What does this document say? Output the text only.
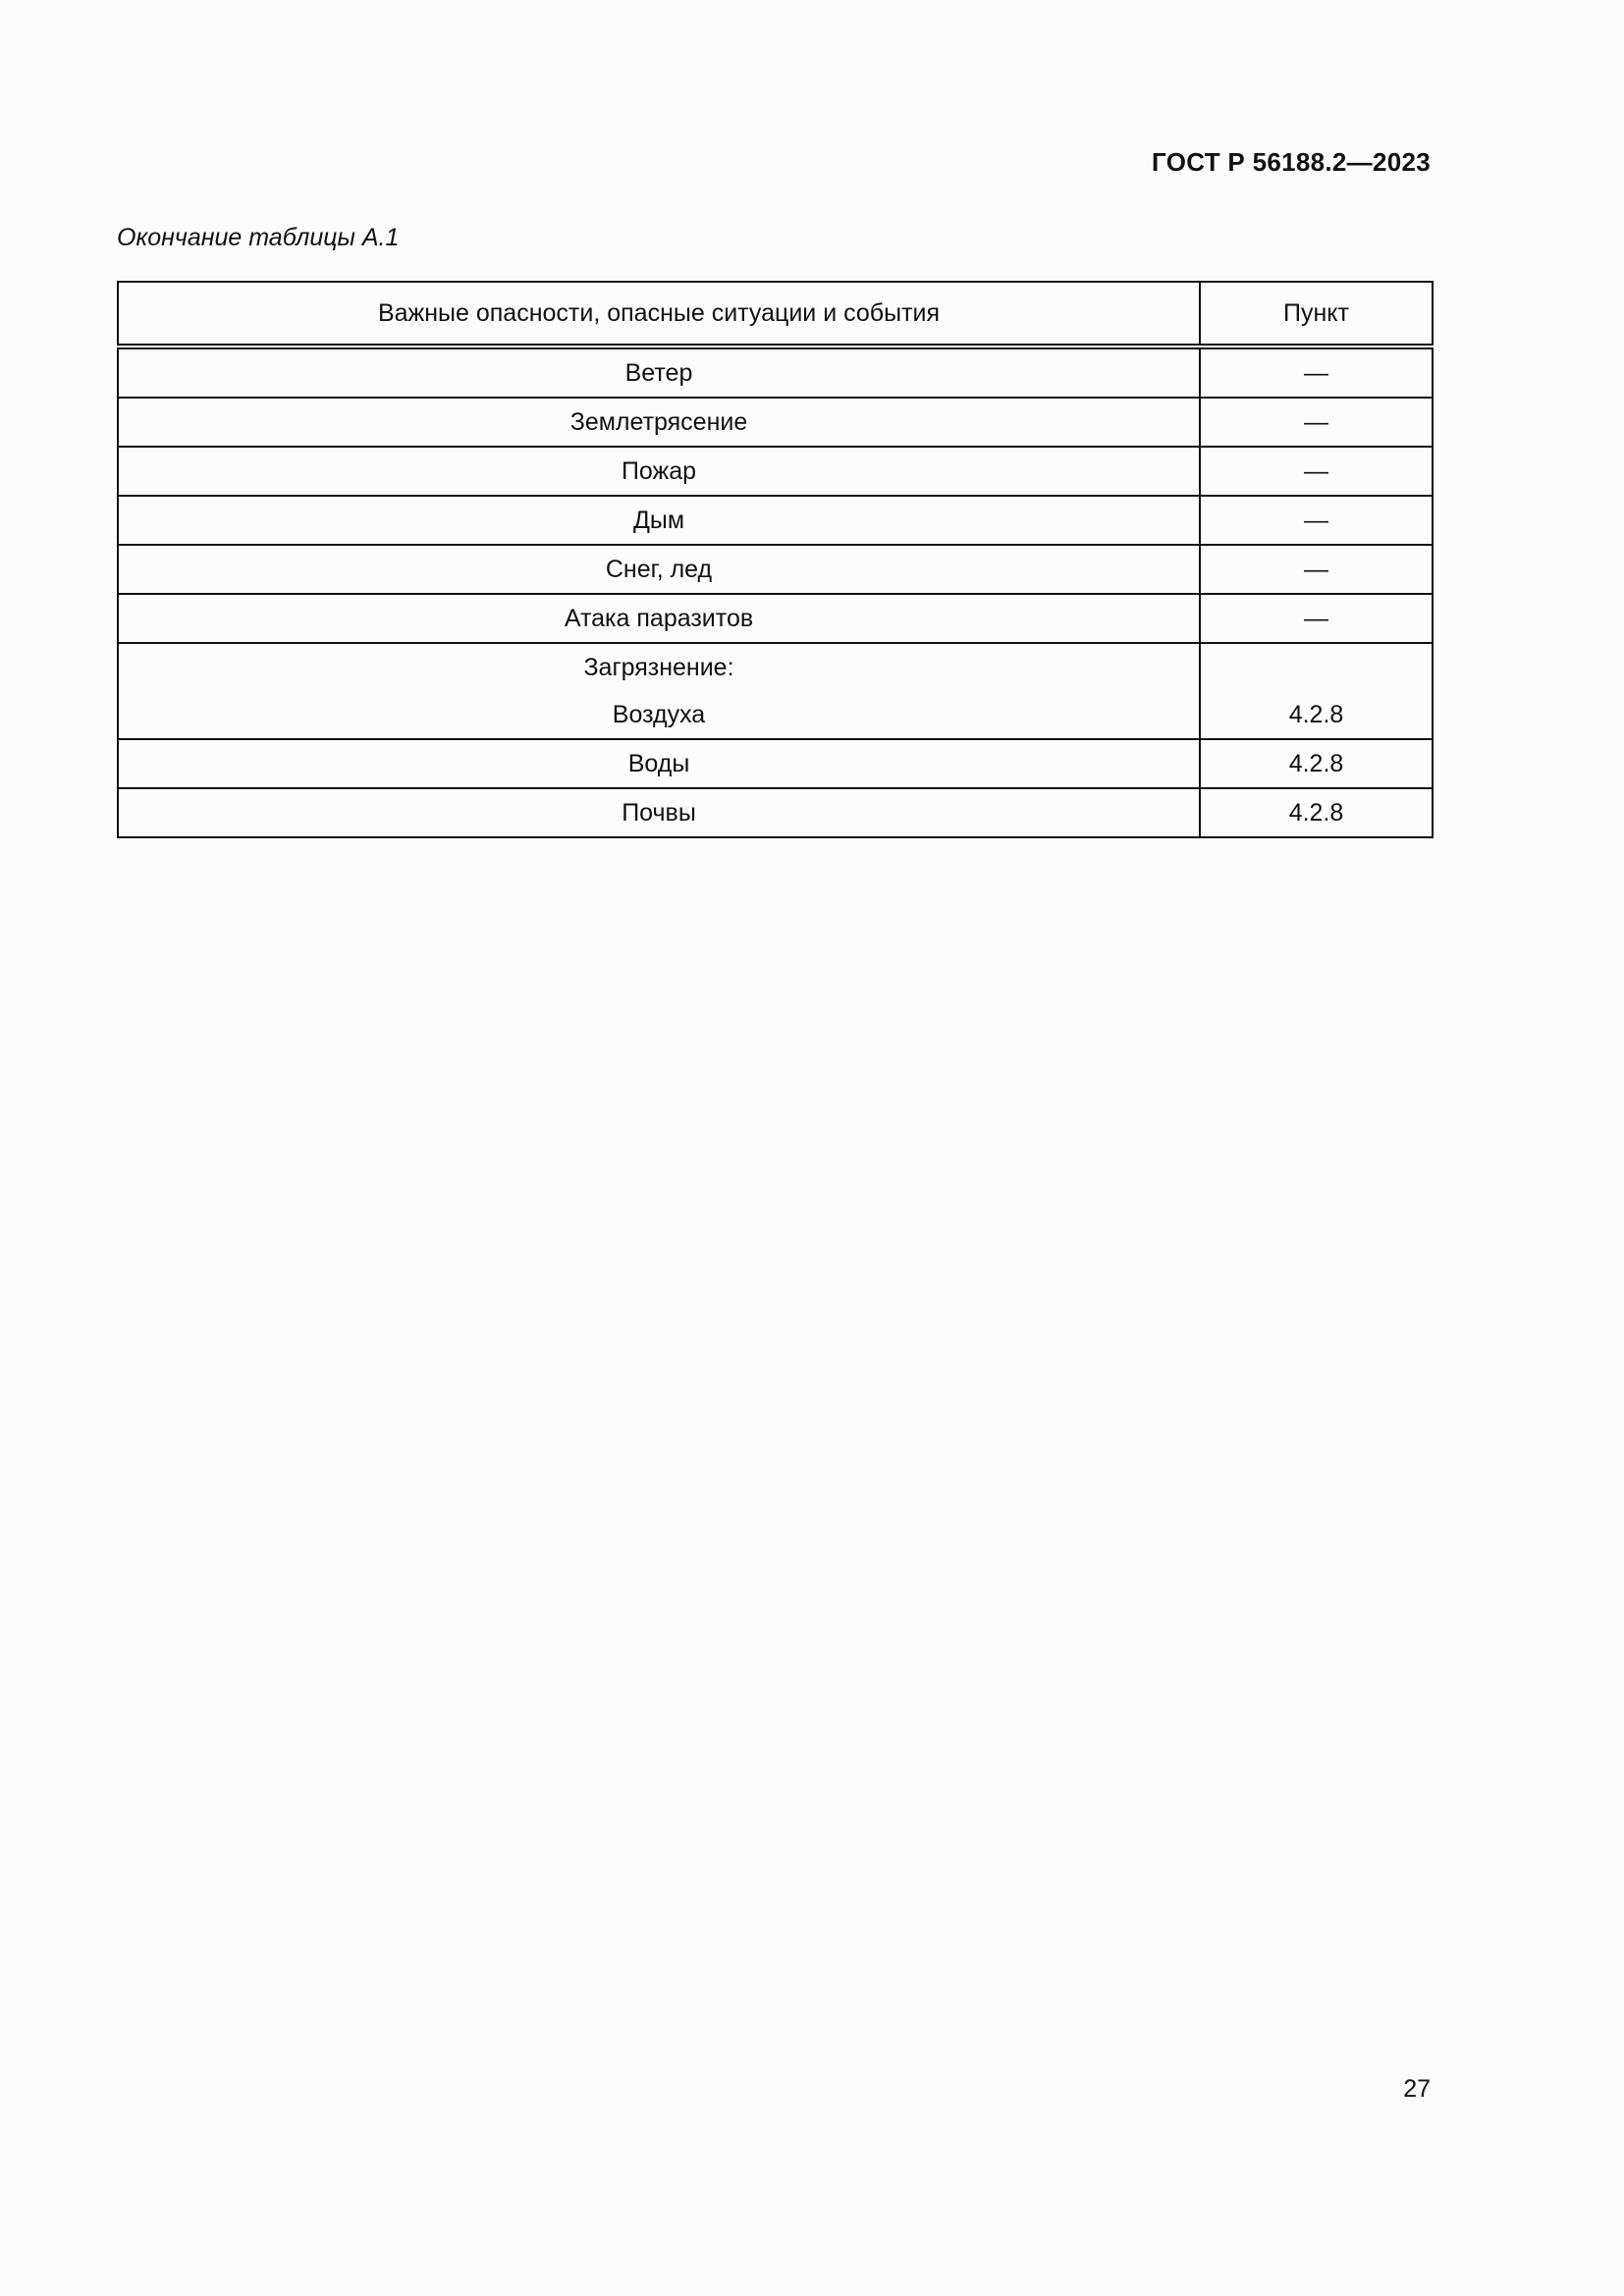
ГОСТ Р 56188.2—2023
Окончание таблицы А.1
Важные опасности, опасные ситуации и события	Пункт
Ветер	—
Землетрясение	—
Пожар	—
Дым	—
Снег, лед	—
Атака паразитов	—
Загрязнение:	
Воздуха	4.2.8
Воды	4.2.8
Почвы	4.2.8
27
